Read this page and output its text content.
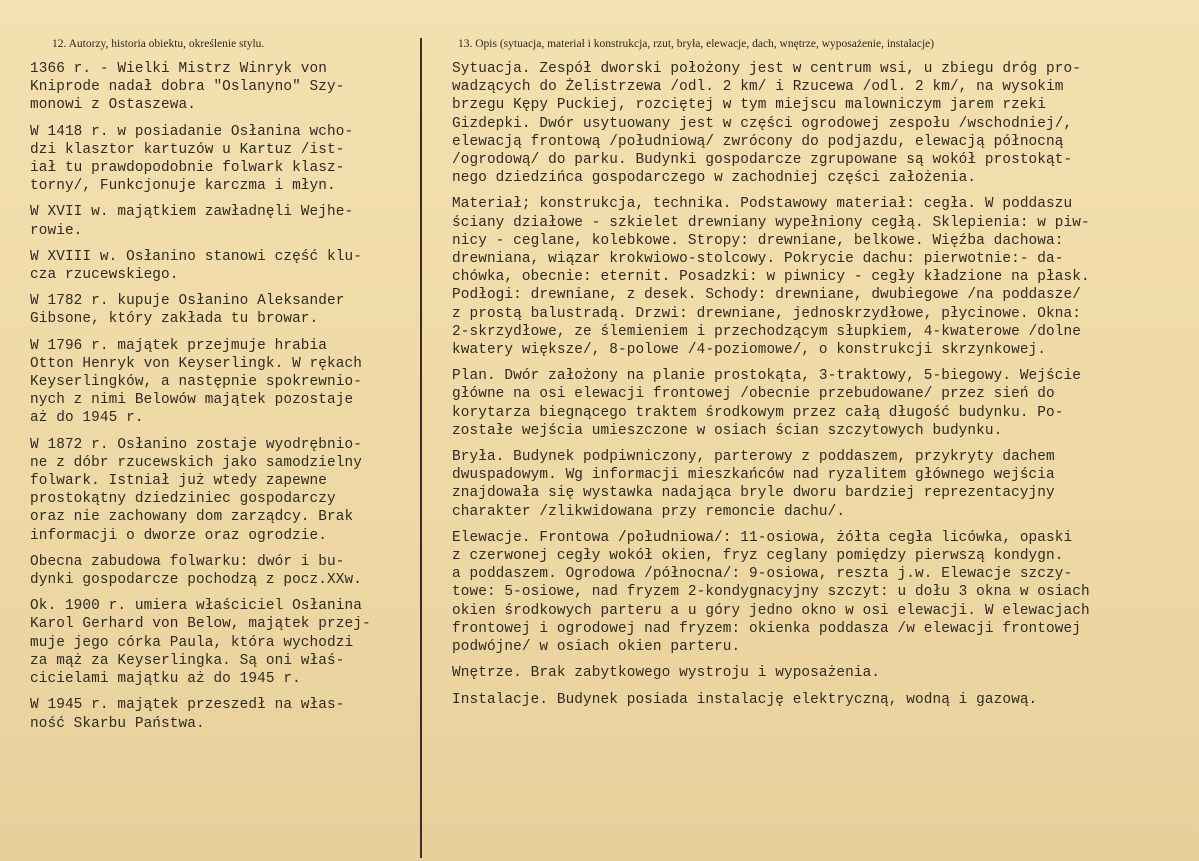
12. Autorzy, historia obiektu, określenie stylu.	13. Opis (sytuacja, materiał i konstrukcja, rzut, bryła, elewacje, dach, wnętrze, wyposażenie, instalacje)

1366 r. - Wielki Mistrz Winryk von
Kniprode nadał dobra "Oslanyno" Szy-
monowi z Ostaszewa.

W 1418 r. w posiadanie Osłanina wcho-
dzi klasztor kartuzów u Kartuz /ist-
iał tu prawdopodobnie folwark klasz-
torny/, Funkcjonuje karczma i młyn.

W XVII w. majątkiem zawładnęli Wejhe-
rowie.

W XVIII w. Osłanino stanowi część klu-
cza rzucewskiego.

W 1782 r. kupuje Osłanino Aleksander
Gibsone, który zakłada tu browar.

W 1796 r. majątek przejmuje hrabia
Otton Henryk von Keyserlingk. W rękach
Keyserlingków, a następnie spokrewnio-
nych z nimi Belowów majątek pozostaje
aż do 1945 r.

W 1872 r. Osłanino zostaje wyodrębnio-
ne z dóbr rzucewskich jako samodzielny
folwark. Istniał już wtedy zapewne
prostokątny dziedziniec gospodarczy
oraz nie zachowany dom zarządcy. Brak
informacji o dworze oraz ogrodzie.

Obecna zabudowa folwarku: dwór i bu-
dynki gospodarcze pochodzą z pocz.XXw.

Ok. 1900 r. umiera właściciel Osłanina
Karol Gerhard von Below, majątek przej-
muje jego córka Paula, która wychodzi
za mąż za Keyserlingka. Są oni właś-
cicielami majątku aż do 1945 r.

W 1945 r. majątek przeszedł na włas-
ność Skarbu Państwa.

Sytuacja. Zespół dworski położony jest w centrum wsi, u zbiegu dróg pro-
wadzących do Żelistrzewa /odl. 2 km/ i Rzucewa /odl. 2 km/, na wysokim
brzegu Kępy Puckiej, rozciętej w tym miejscu malowniczym jarem rzeki
Gizdepki. Dwór usytuowany jest w części ogrodowej zespołu /wschodniej/,
elewacją frontową /południową/ zwrócony do podjazdu, elewacją północną
/ogrodową/ do parku. Budynki gospodarcze zgrupowane są wokół prostokąt-
nego dziedzińca gospodarczego w zachodniej części założenia.

Materiał; konstrukcja, technika. Podstawowy materiał: cegła. W poddaszu
ściany działowe - szkielet drewniany wypełniony cegłą. Sklepienia: w piw-
nicy - ceglane, kolebkowe. Stropy: drewniane, belkowe. Więźba dachowa:
drewniana, wiązar krokwiowo-stolcowy. Pokrycie dachu: pierwotnie:- da-
chówka, obecnie: eternit. Posadzki: w piwnicy - cegły kładzione na płask.
Podłogi: drewniane, z desek. Schody: drewniane, dwubiegowe /na poddasze/
z prostą balustradą. Drzwi: drewniane, jednoskrzydłowe, płycinowe. Okna:
2-skrzydłowe, ze ślemieniem i przechodzącym słupkiem, 4-kwaterowe /dolne
kwatery większe/, 8-polowe /4-poziomowe/, o konstrukcji skrzynkowej.

Plan. Dwór założony na planie prostokąta, 3-traktowy, 5-biegowy. Wejście
główne na osi elewacji frontowej /obecnie przebudowane/ przez sień do
korytarza biegnącego traktem środkowym przez całą długość budynku. Po-
zostałe wejścia umieszczone w osiach ścian szczytowych budynku.

Bryła. Budynek podpiwniczony, parterowy z poddaszem, przykryty dachem
dwuspadowym. Wg informacji mieszkańców nad ryzalitem głównego wejścia
znajdowała się wystawka nadająca bryle dworu bardziej reprezentacyjny
charakter /zlikwidowana przy remoncie dachu/.

Elewacje. Frontowa /południowa/: 11-osiowa, żółta cegła licówka, opaski
z czerwonej cegły wokół okien, fryz ceglany pomiędzy pierwszą kondygn.
a poddaszem. Ogrodowa /północna/: 9-osiowa, reszta j.w. Elewacje szczy-
towe: 5-osiowe, nad fryzem 2-kondygnacyjny szczyt: u dołu 3 okna w osiach
okien środkowych parteru a u góry jedno okno w osi elewacji. W elewacjach
frontowej i ogrodowej nad fryzem: okienka poddasza /w elewacji frontowej
podwójne/ w osiach okien parteru.

Wnętrze. Brak zabytkowego wystroju i wyposażenia.

Instalacje. Budynek posiada instalację elektryczną, wodną i gazową.
